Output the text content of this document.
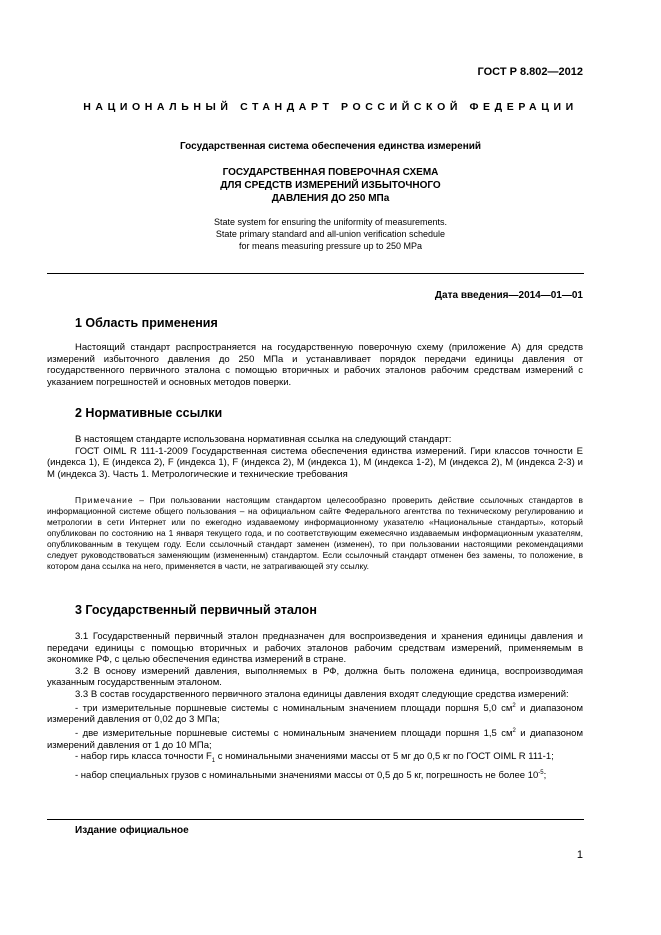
ГОСТ Р 8.802—2012
НАЦИОНАЛЬНЫЙ СТАНДАРТ РОССИЙСКОЙ ФЕДЕРАЦИИ
Государственная система обеспечения единства измерений
ГОСУДАРСТВЕННАЯ ПОВЕРОЧНАЯ СХЕМА
ДЛЯ СРЕДСТВ ИЗМЕРЕНИЙ ИЗБЫТОЧНОГО
ДАВЛЕНИЯ ДО 250 МПа
State system for ensuring the uniformity of measurements.
State primary standard and all-union verification schedule
for means measuring pressure up to 250 MPa
Дата введения—2014—01—01
1 Область применения
Настоящий стандарт распространяется на государственную поверочную схему (приложение А) для средств измерений избыточного давления до 250 МПа и устанавливает порядок передачи единицы давления от государственного первичного эталона с помощью вторичных и рабочих эталонов рабочим средствам измерений с указанием погрешностей и основных методов поверки.
2 Нормативные ссылки
В настоящем стандарте использована нормативная ссылка на следующий стандарт:
ГОСТ OIML R 111-1-2009 Государственная система обеспечения единства измерений. Гири классов точности E (индекса 1), E (индекса 2), F (индекса 1), F (индекса 2), M (индекса 1), M (индекса 1-2), M (индекса 2), M (индекса 2-3) и M (индекса 3). Часть 1. Метрологические и технические требования
Примечание – При пользовании настоящим стандартом целесообразно проверить действие ссылочных стандартов в информационной системе общего пользования – на официальном сайте Федерального агентства по техническому регулированию и метрологии в сети Интернет или по ежегодно издаваемому информационному указателю «Национальные стандарты», который опубликован по состоянию на 1 января текущего года, и по соответствующим ежемесячно издаваемым информационным указателям, опубликованным в текущем году. Если ссылочный стандарт заменен (изменен), то при пользовании настоящими рекомендациями следует руководствоваться заменяющим (измененным) стандартом. Если ссылочный стандарт отменен без замены, то положение, в котором дана ссылка на него, применяется в части, не затрагивающей эту ссылку.
3 Государственный первичный эталон
3.1 Государственный первичный эталон предназначен для воспроизведения и хранения единицы давления и передачи единицы с помощью вторичных и рабочих эталонов рабочим средствам измерений, применяемым в экономике РФ, с целью обеспечения единства измерений в стране.
3.2 В основу измерений давления, выполняемых в РФ, должна быть положена единица, воспроизводимая указанным государственным эталоном.
3.3 В состав государственного первичного эталона единицы давления входят следующие средства измерений:
- три измерительные поршневые системы с номинальным значением площади поршня 5,0 $см^2$ и диапазоном измерений давления от 0,02 до 3 МПа;
- две измерительные поршневые системы с номинальным значением площади поршня 1,5 $см^2$ и диапазоном измерений давления от 1 до 10 МПа;
- набор гирь класса точности $F_1$ с номинальными значениями массы от 5 мг до 0,5 кг по ГОСТ OIML R 111-1;
- набор специальных грузов с номинальными значениями массы от 0,5 до 5 кг, погрешность не более $10^{-5}$;
Издание официальное
1
